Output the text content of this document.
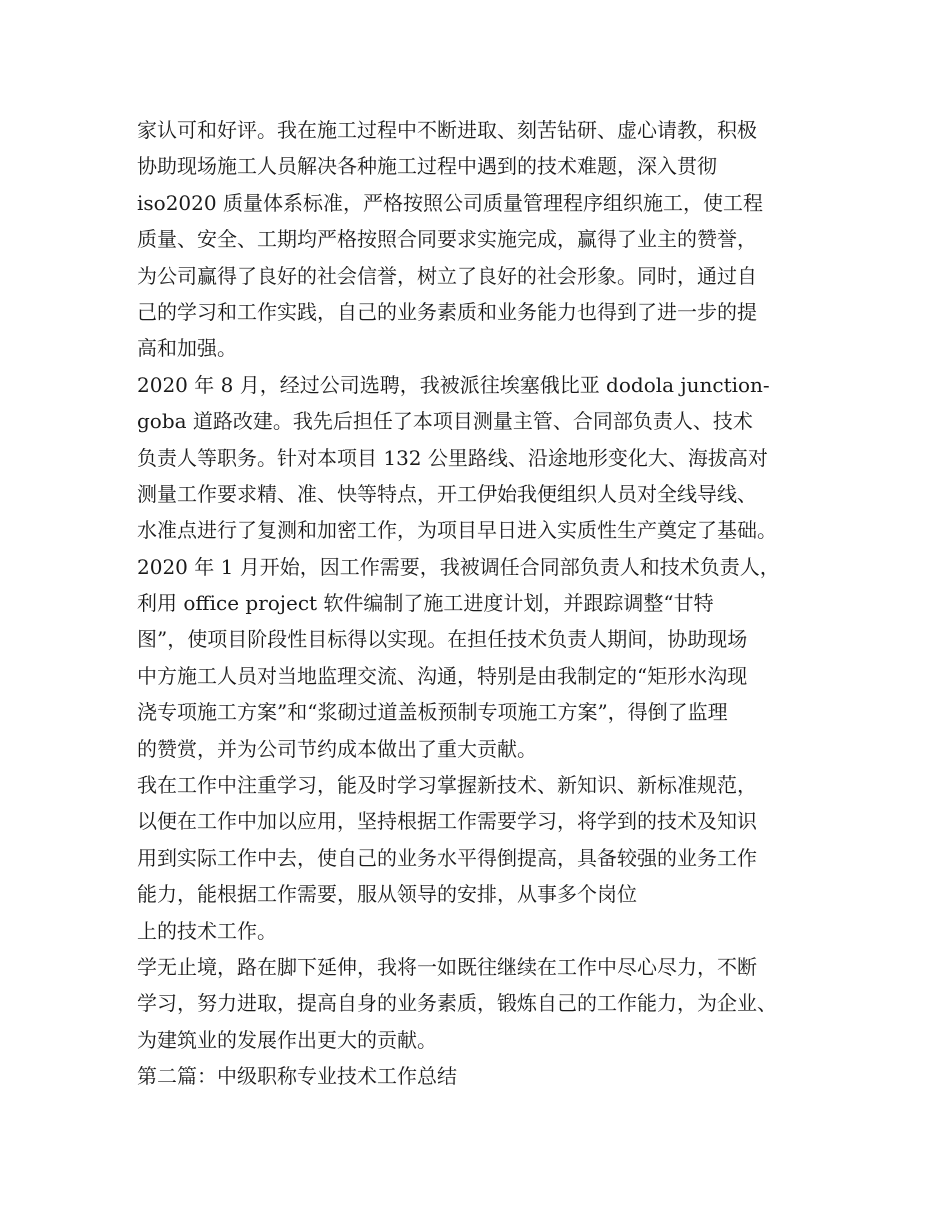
家认可和好评。我在施工过程中不断进取、刻苦钻研、虚心请教，积极
协助现场施工人员解决各种施工过程中遇到的技术难题，深入贯彻
iso2020 质量体系标准，严格按照公司质量管理程序组织施工，使工程
质量、安全、工期均严格按照合同要求实施完成，赢得了业主的赞誉，
为公司赢得了良好的社会信誉，树立了良好的社会形象。同时，通过自
己的学习和工作实践，自己的业务素质和业务能力也得到了进一步的提
高和加强。
2020 年 8 月，经过公司选聘，我被派往埃塞俄比亚 dodola junction-
goba 道路改建。我先后担任了本项目测量主管、合同部负责人、技术
负责人等职务。针对本项目 132 公里路线、沿途地形变化大、海拔高对
测量工作要求精、准、快等特点，开工伊始我便组织人员对全线导线、
水准点进行了复测和加密工作，为项目早日进入实质性生产奠定了基础。
2020 年 1 月开始，因工作需要，我被调任合同部负责人和技术负责人，
利用 office project 软件编制了施工进度计划，并跟踪调整“甘特
图”，使项目阶段性目标得以实现。在担任技术负责人期间，协助现场
中方施工人员对当地监理交流、沟通，特别是由我制定的“矩形水沟现
浇专项施工方案”和“浆砌过道盖板预制专项施工方案”，得倒了监理
的赞赏，并为公司节约成本做出了重大贡献。
我在工作中注重学习，能及时学习掌握新技术、新知识、新标准规范，
以便在工作中加以应用，坚持根据工作需要学习，将学到的技术及知识
用到实际工作中去，使自己的业务水平得倒提高，具备较强的业务工作
能力，能根据工作需要，服从领导的安排，从事多个岗位
上的技术工作。
学无止境，路在脚下延伸，我将一如既往继续在工作中尽心尽力，不断
学习，努力进取，提高自身的业务素质，锻炼自己的工作能力，为企业、
为建筑业的发展作出更大的贡献。
第二篇：中级职称专业技术工作总结
